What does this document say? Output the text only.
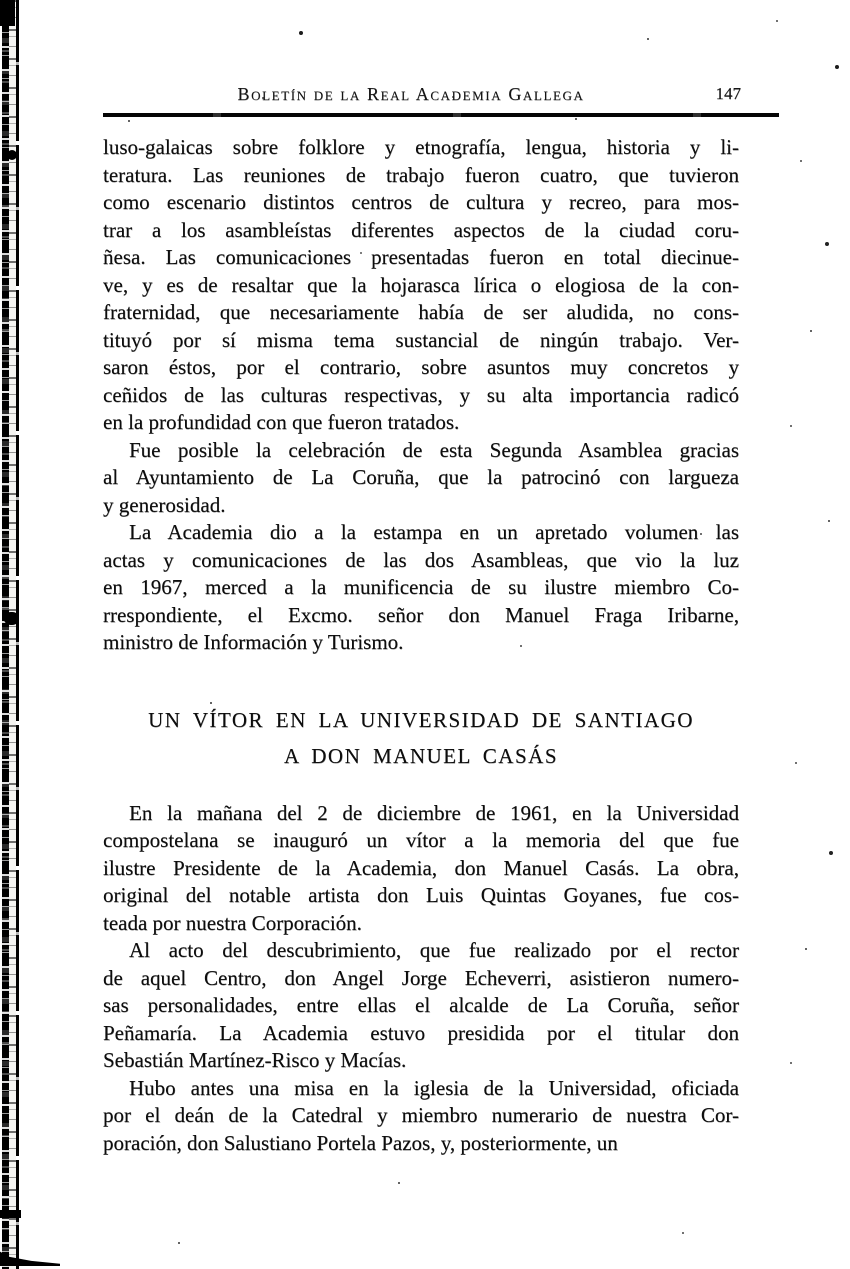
Boletín de la Real Academia Gallega	147
luso-galaicas sobre folklore y etnografía, lengua, historia y li-
teratura. Las reuniones de trabajo fueron cuatro, que tuvieron
como escenario distintos centros de cultura y recreo, para mos-
trar a los asambleístas diferentes aspectos de la ciudad coru-
ñesa. Las comunicaciones presentadas fueron en total diecinue-
ve, y es de resaltar que la hojarasca lírica o elogiosa de la con-
fraternidad, que necesariamente había de ser aludida, no cons-
tituyó por sí misma tema sustancial de ningún trabajo. Ver-
saron éstos, por el contrario, sobre asuntos muy concretos y
ceñidos de las culturas respectivas, y su alta importancia radicó
en la profundidad con que fueron tratados.
Fue posible la celebración de esta Segunda Asamblea gracias
al Ayuntamiento de La Coruña, que la patrocinó con largueza
y generosidad.
La Academia dio a la estampa en un apretado volumen las
actas y comunicaciones de las dos Asambleas, que vio la luz
en 1967, merced a la munificencia de su ilustre miembro Co-
rrespondiente, el Excmo. señor don Manuel Fraga Iribarne,
ministro de Información y Turismo.
UN VÍTOR EN LA UNIVERSIDAD DE SANTIAGO
A DON MANUEL CASÁS
En la mañana del 2 de diciembre de 1961, en la Universidad
compostelana se inauguró un vítor a la memoria del que fue
ilustre Presidente de la Academia, don Manuel Casás. La obra,
original del notable artista don Luis Quintas Goyanes, fue cos-
teada por nuestra Corporación.
Al acto del descubrimiento, que fue realizado por el rector
de aquel Centro, don Angel Jorge Echeverri, asistieron numero-
sas personalidades, entre ellas el alcalde de La Coruña, señor
Peñamaría. La Academia estuvo presidida por el titular don
Sebastián Martínez-Risco y Macías.
Hubo antes una misa en la iglesia de la Universidad, oficiada
por el deán de la Catedral y miembro numerario de nuestra Cor-
poración, don Salustiano Portela Pazos, y, posteriormente, un
